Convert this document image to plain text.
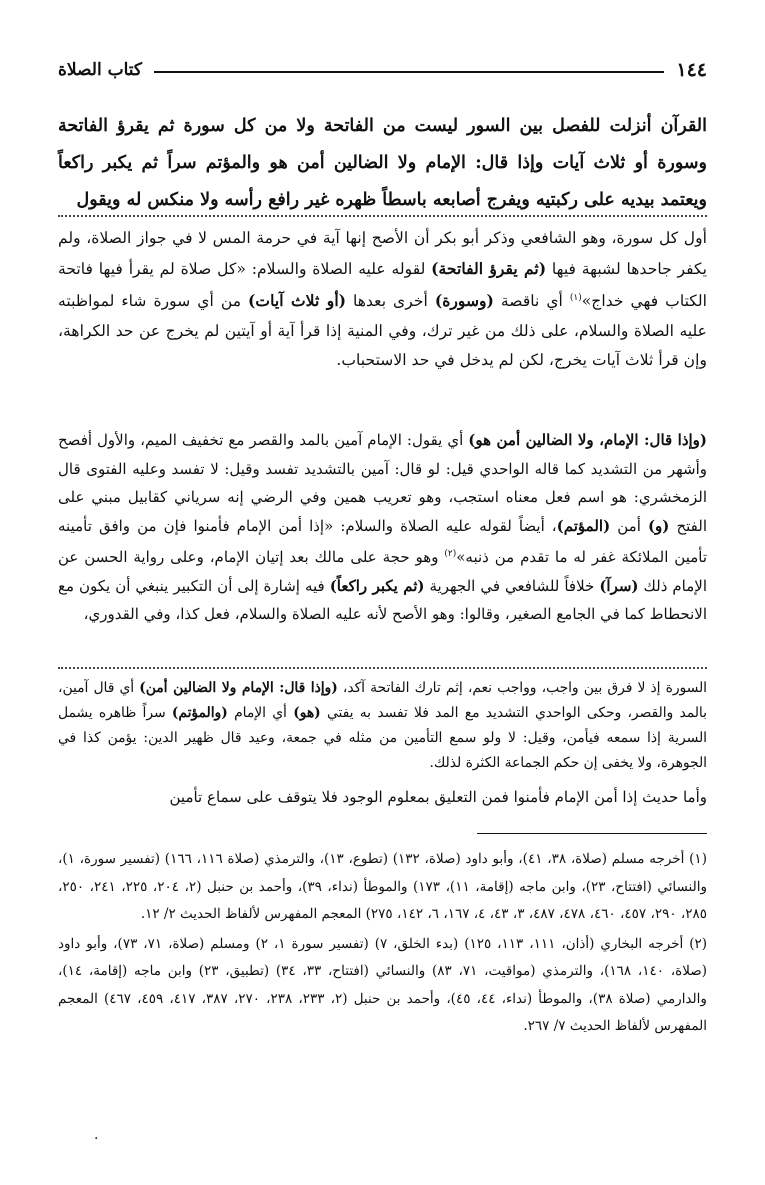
١٤٤
كتاب الصلاة
القرآن أنزلت للفصل بين السور ليست من الفاتحة ولا من كل سورة ثم يقرؤ الفاتحة وسورة أو ثلاث آيات وإذا قال: الإمام ولا الضالين أمن هو والمؤتم سراً ثم يكبر راكعاً ويعتمد بيديه على ركبتيه ويفرج أصابعه باسطاً ظهره غير رافع رأسه ولا منكس له ويقول
أول كل سورة، وهو الشافعي وذكر أبو بكر أن الأصح إنها آية في حرمة المس لا في جواز الصلاة، ولم يكفر جاحدها لشبهة فيها (ثم يقرؤ الفاتحة) لقوله عليه الصلاة والسلام: «كل صلاة لم يقرأ فيها فاتحة الكتاب فهي خداج»$^{(١)}$ أي ناقصة (وسورة) أخرى بعدها (أو ثلاث آيات) من أي سورة شاء لمواظبته عليه الصلاة والسلام، على ذلك من غير ترك، وفي المنية إذا قرأ آية أو آيتين لم يخرج عن حد الكراهة، وإن قرأ ثلاث آيات يخرج، لكن لم يدخل في حد الاستحباب.
(وإذا قال: الإمام، ولا الضالين أمن هو) أي يقول: الإمام آمين بالمد والقصر مع تخفيف الميم، والأول أفصح وأشهر من التشديد كما قاله الواحدي قيل: لو قال: آمين بالتشديد تفسد وقيل: لا تفسد وعليه الفتوى قال الزمخشري: هو اسم فعل معناه استجب، وهو تعريب همين وفي الرضي إنه سرياني كقابيل مبني على الفتح (و) أمن (المؤتم)، أيضاً لقوله عليه الصلاة والسلام: «إذا أمن الإمام فأمنوا فإن من وافق تأمينه تأمين الملائكة غفر له ما تقدم من ذنبه»$^{(٢)}$ وهو حجة على مالك بعد إتيان الإمام، وعلى رواية الحسن عن الإمام ذلك (سرآ) خلافاً للشافعي في الجهرية (ثم يكبر راكعاً) فيه إشارة إلى أن التكبير ينبغي أن يكون مع الانحطاط كما في الجامع الصغير، وقالوا: وهو الأصح لأنه عليه الصلاة والسلام، فعل كذا، وفي القدوري،
السورة إذ لا فرق بين واجب، وواجب نعم، إثم تارك الفاتحة آكد، (وإذا قال: الإمام ولا الضالين أمن) أي قال آمين، بالمد والقصر، وحكى الواحدي التشديد مع المد فلا تفسد به يفتي (هو) أي الإمام (والمؤتم) سراً ظاهره يشمل السرية إذا سمعه فيأمن، وقيل: لا ولو سمع التأمين من مثله في جمعة، وعيد قال ظهير الدين: يؤمن كذا في الجوهرة، ولا يخفى إن حكم الجماعة الكثرة لذلك.
وأما حديث إذا أمن الإمام فأمنوا فمن التعليق بمعلوم الوجود فلا يتوقف على سماع تأمين
(١) أخرجه مسلم (صلاة، ٣٨، ٤١)، وأبو داود (صلاة، ١٣٢) (تطوع، ١٣)، والترمذي (صلاة ١١٦، ١٦٦) (تفسير سورة، ١)، والنسائي (افتتاح، ٢٣)، وابن ماجه (إقامة، ١١)، ١٧٣) والموطأ (نداء، ٣٩)، وأحمد بن حنبل (٢، ٢٠٤، ٢٢٥، ٢٤١، ٢٥٠، ٢٨٥، ٢٩٠، ٤٥٧، ٤٦٠، ٤٧٨، ٤٨٧، ٣، ٤٣، ٤، ١٦٧، ٦، ١٤٢، ٢٧٥) المعجم المفهرس لألفاظ الحديث ٢/ ١٢.
(٢) أخرجه البخاري (أذان، ١١١، ١١٣، ١٢٥) (بدء الخلق، ٧) (تفسير سورة ١، ٢) ومسلم (صلاة، ٧١، ٧٣)، وأبو داود (صلاة، ١٤٠، ١٦٨)، والترمذي (مواقيت، ٧١، ٨٣) والنسائي (افتتاح، ٣٣، ٣٤) (تطبيق، ٢٣) وابن ماجه (إقامة، ١٤)، والدارمي (صلاة ٣٨)، والموطأ (نداء، ٤٤، ٤٥)، وأحمد بن حنبل (٢، ٢٣٣، ٢٣٨، ٢٧٠، ٣٨٧، ٤١٧، ٤٥٩، ٤٦٧) المعجم المفهرس لألفاظ الحديث ٧/ ٢٦٧.
·
